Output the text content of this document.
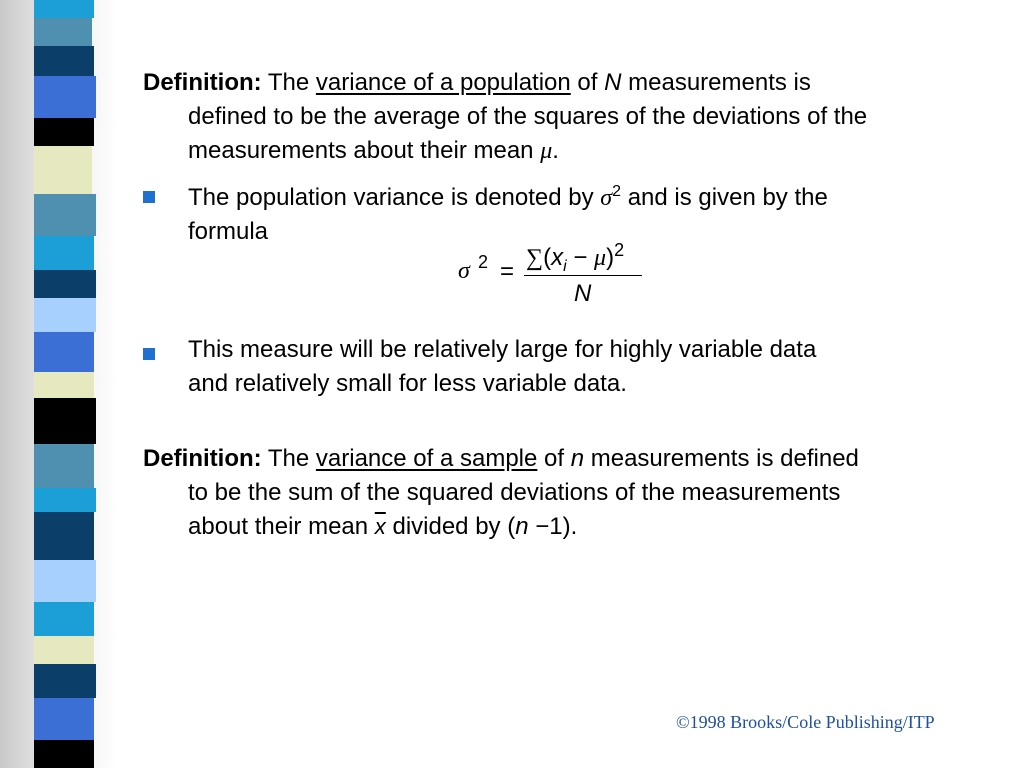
Definition: The variance of a population of N measurements is
defined to be the average of the squares of the deviations of the
measurements about their mean μ.
The population variance is denoted by $\sigma^2$ and is given by the
formula
σ $2 = \sum(x_i - \mu)^2$
N
This measure will be relatively large for highly variable data
and relatively small for less variable data.
Definition: The variance of a sample of n measurements is defined
to be the sum of the squared deviations of the measurements
about their mean $\overline{x}$ divided by (n −1).
©1998 Brooks/Cole Publishing/ITP
